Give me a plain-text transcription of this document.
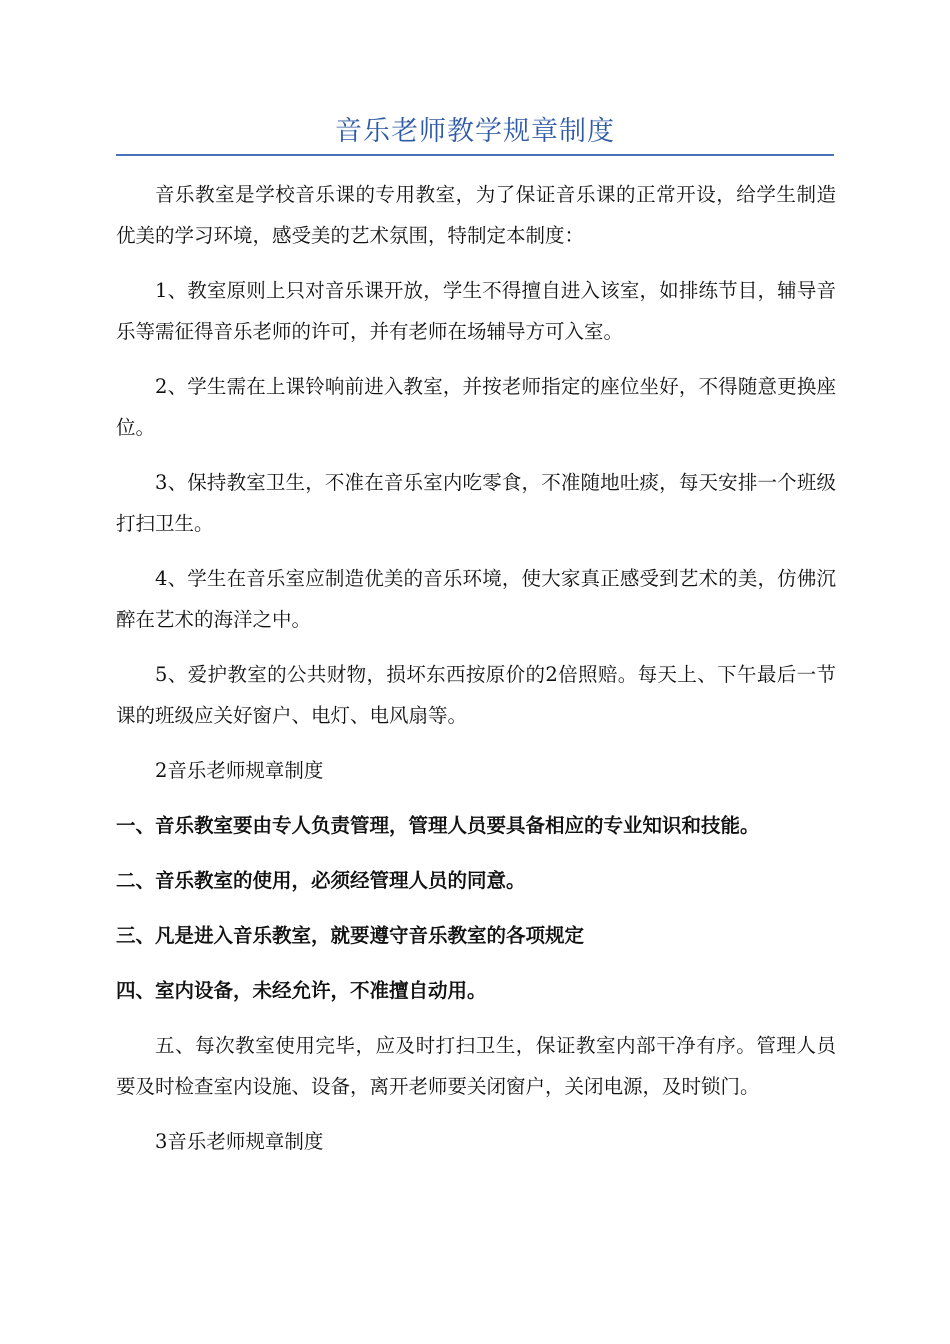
音乐老师教学规章制度

音乐教室是学校音乐课的专用教室，为了保证音乐课的正常开设，给学生制造优美的学习环境，感受美的艺术氛围，特制定本制度：

1、教室原则上只对音乐课开放，学生不得擅自进入该室，如排练节目，辅导音乐等需征得音乐老师的许可，并有老师在场辅导方可入室。

2、学生需在上课铃响前进入教室，并按老师指定的座位坐好，不得随意更换座位。

3、保持教室卫生，不准在音乐室内吃零食，不准随地吐痰，每天安排一个班级打扫卫生。

4、学生在音乐室应制造优美的音乐环境，使大家真正感受到艺术的美，仿佛沉醉在艺术的海洋之中。

5、爱护教室的公共财物，损坏东西按原价的2倍照赔。每天上、下午最后一节课的班级应关好窗户、电灯、电风扇等。

2音乐老师规章制度

一、音乐教室要由专人负责管理，管理人员要具备相应的专业知识和技能。

二、音乐教室的使用，必须经管理人员的同意。

三、凡是进入音乐教室，就要遵守音乐教室的各项规定

四、室内设备，未经允许，不准擅自动用。

五、每次教室使用完毕，应及时打扫卫生，保证教室内部干净有序。管理人员要及时检查室内设施、设备，离开老师要关闭窗户，关闭电源，及时锁门。

3音乐老师规章制度
